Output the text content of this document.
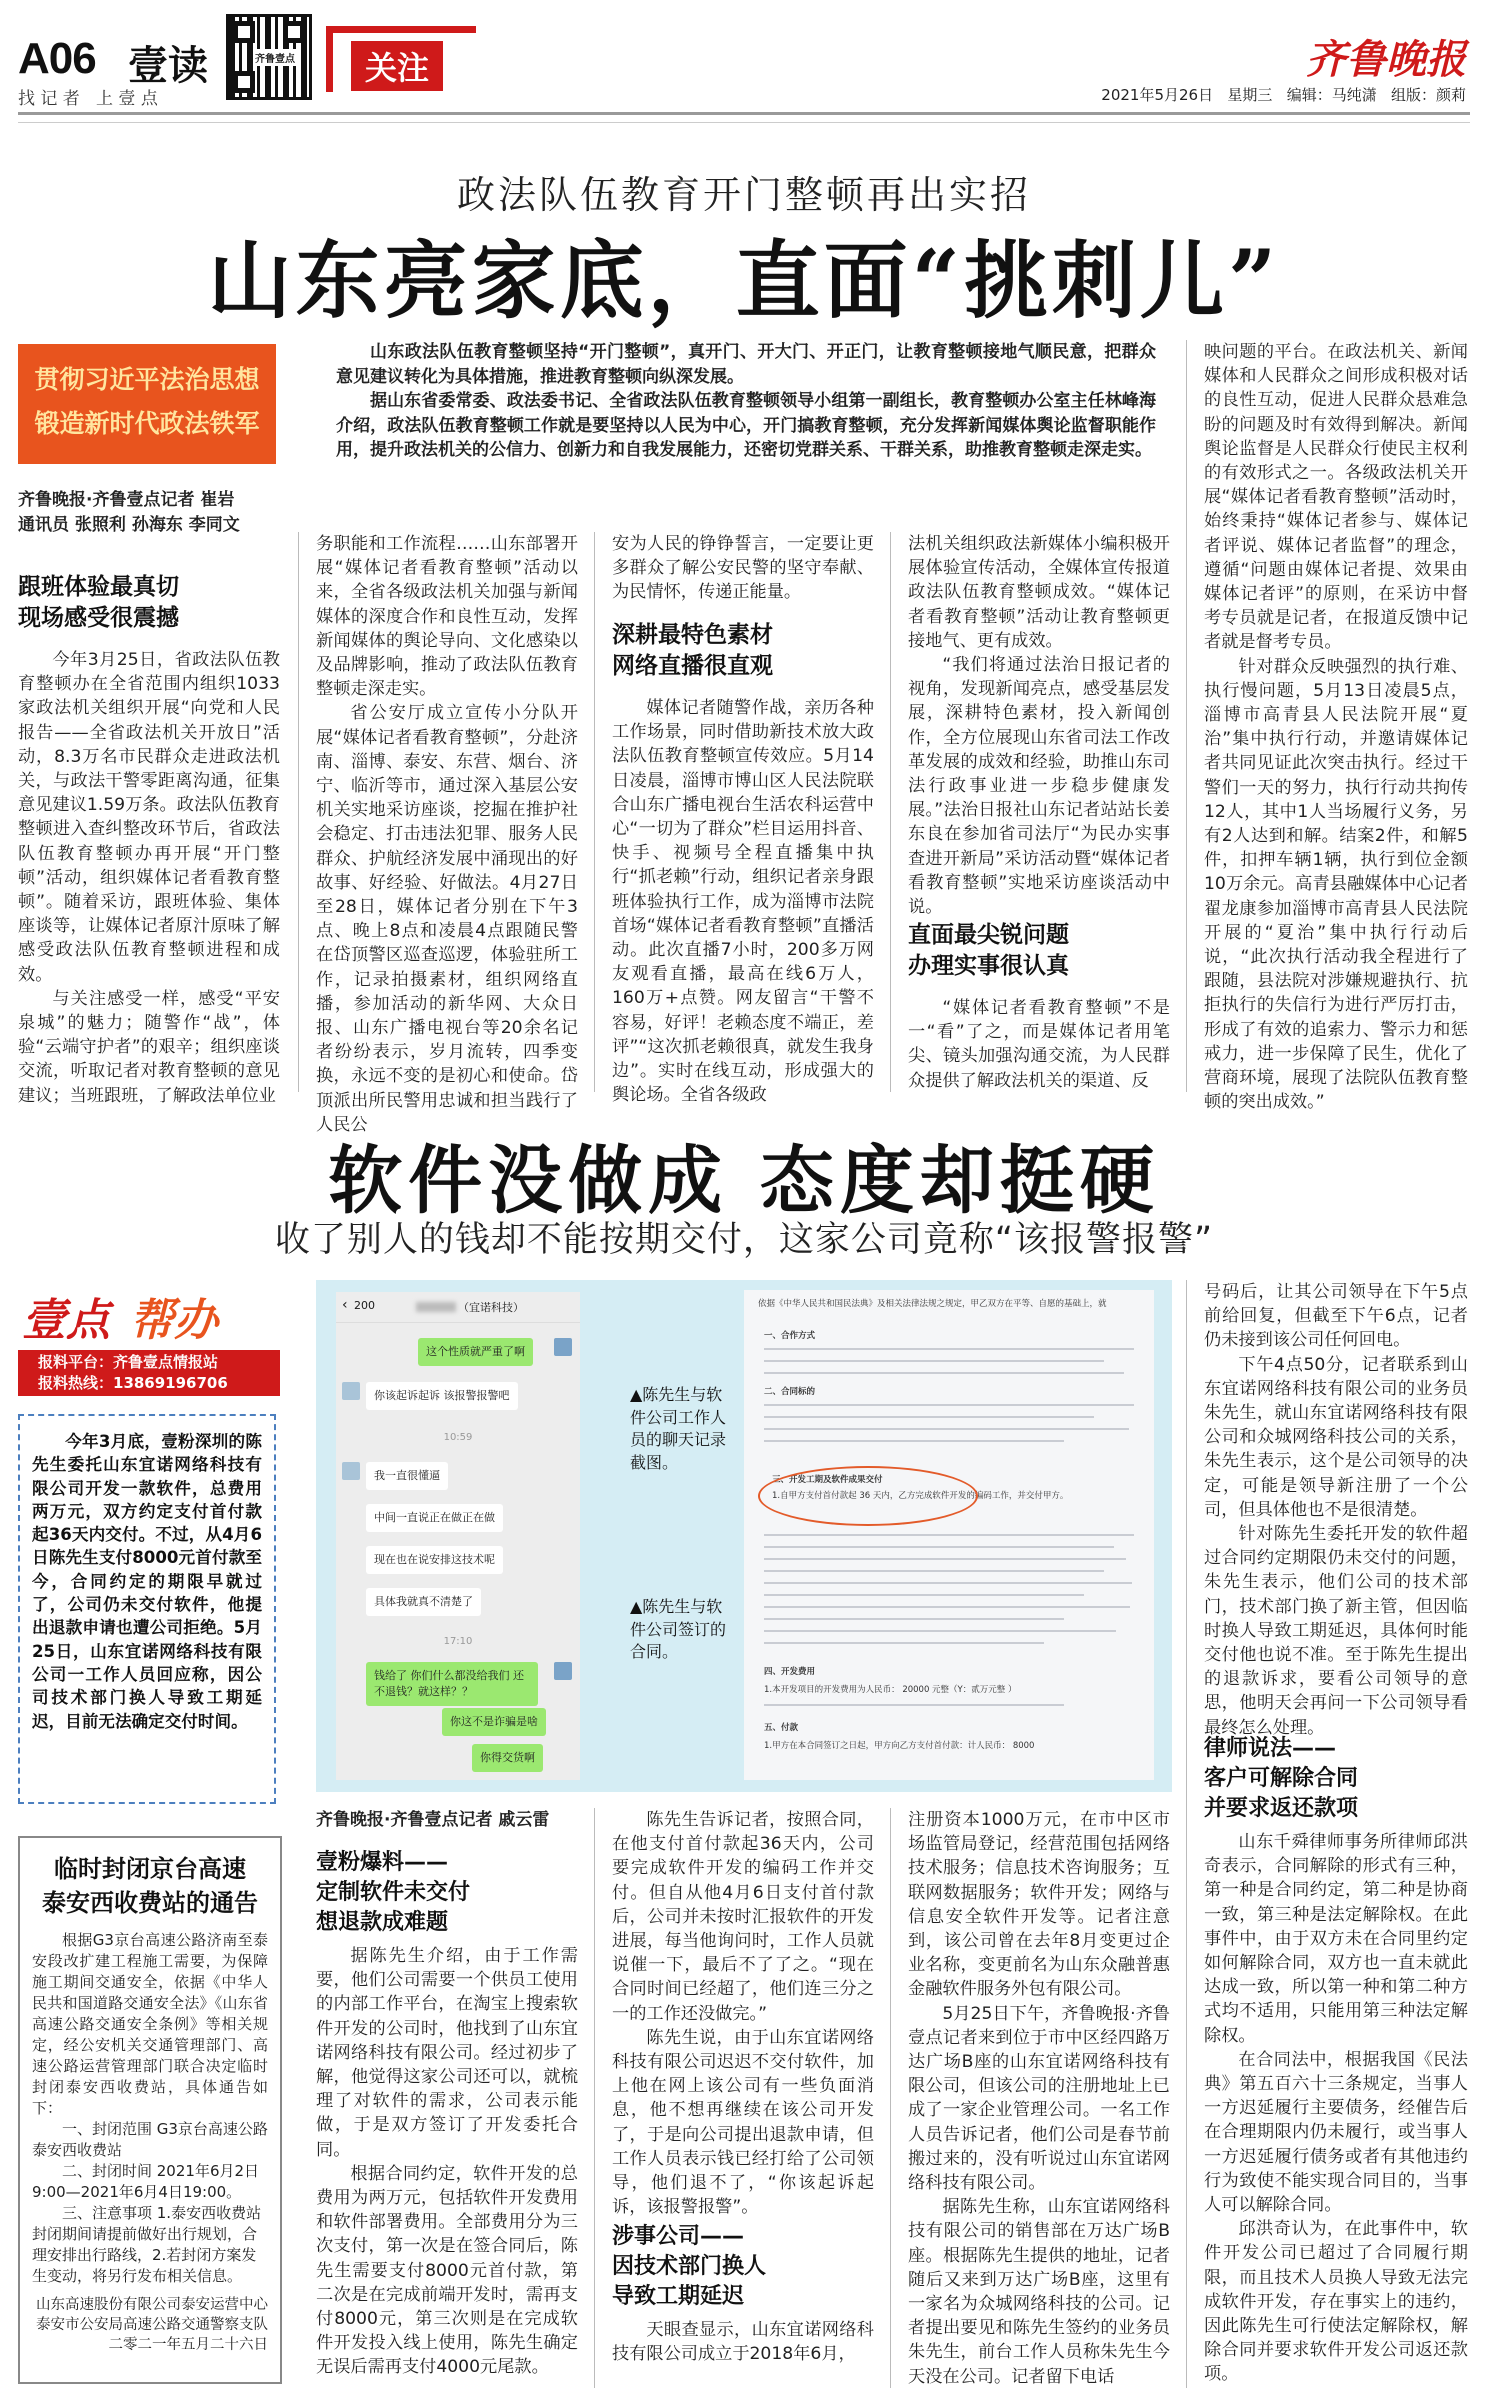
A06 壹读
找 记 者   上 壹 点
齐鲁壹点	关注	齐鲁晚报
2021年5月26日   星期三   编辑：马纯潇   组版：颜莉
政法队伍教育开门整顿再出实招
山东亮家底，直面“挑刺儿”
贯彻习近平法治思想
锻造新时代政法铁军
齐鲁晚报·齐鲁壹点记者 崔岩
通讯员 张照利 孙海东 李同文

山东政法队伍教育整顿坚持“开门整顿”，真开门、开大门、开正门，让教育整顿接地气顺民意，把群众意见建议转化为具体措施，推进教育整顿向纵深发展。

据山东省委常委、政法委书记、全省政法队伍教育整顿领导小组第一副组长，教育整顿办公室主任林峰海介绍，政法队伍教育整顿工作就是要坚持以人民为中心，开门搞教育整顿，充分发挥新闻媒体舆论监督职能作用，提升政法机关的公信力、创新力和自我发展能力，还密切党群关系、干群关系，助推教育整顿走深走实。

跟班体验最真切
现场感受很震撼

今年3月25日，省政法队伍教育整顿办在全省范围内组织1033家政法机关组织开展“向党和人民报告——全省政法机关开放日”活动，8.3万名市民群众走进政法机关，与政法干警零距离沟通，征集意见建议1.59万条。政法队伍教育整顿进入查纠整改环节后，省政法队伍教育整顿办再开展“开门整顿”活动，组织媒体记者看教育整顿”。随着采访，跟班体验、集体座谈等，让媒体记者原汁原味了解感受政法队伍教育整顿进程和成效。

与关注感受一样，感受“平安泉城”的魅力；随警作“战”，体验“云端守护者”的艰辛；组织座谈交流，听取记者对教育整顿的意见建议；当班跟班，了解政法单位业

务职能和工作流程……山东部署开展“媒体记者看教育整顿”活动以来，全省各级政法机关加强与新闻媒体的深度合作和良性互动，发挥新闻媒体的舆论导向、文化感染以及品牌影响，推动了政法队伍教育整顿走深走实。

省公安厅成立宣传小分队开展“媒体记者看教育整顿”，分赴济南、淄博、泰安、东营、烟台、济宁、临沂等市，通过深入基层公安机关实地采访座谈，挖掘在推护社会稳定、打击违法犯罪、服务人民群众、护航经济发展中涌现出的好故事、好经验、好做法。4月27日至28日，媒体记者分别在下午3点、晚上8点和凌晨4点跟随民警在岱顶警区巡查巡逻，体验驻所工作，记录拍摄素材，组织网络直播，参加活动的新华网、大众日报、山东广播电视台等20余名记者纷纷表示，岁月流转，四季变换，永远不变的是初心和使命。岱顶派出所民警用忠诚和担当践行了人民公

安为人民的铮铮誓言，一定要让更多群众了解公安民警的坚守奉献、为民情怀，传递正能量。

深耕最特色素材
网络直播很直观

媒体记者随警作战，亲历各种工作场景，同时借助新技术放大政法队伍教育整顿宣传效应。5月14日凌晨，淄博市博山区人民法院联合山东广播电视台生活农科运营中心“一切为了群众”栏目运用抖音、快手、视频号全程直播集中执行“抓老赖”行动，组织记者亲身跟班体验执行工作，成为淄博市法院首场“媒体记者看教育整顿”直播活动。此次直播7小时，200多万网友观看直播，最高在线6万人，160万+点赞。网友留言“干警不容易，好评！老赖态度不端正，差评”“这次抓老赖很真，就发生我身边”。实时在线互动，形成强大的舆论场。全省各级政

法机关组织政法新媒体小编积极开展体验宣传活动，全媒体宣传报道政法队伍教育整顿成效。“媒体记者看教育整顿”活动让教育整顿更接地气、更有成效。

“我们将通过法治日报记者的视角，发现新闻亮点，感受基层发展，深耕特色素材，投入新闻创作，全方位展现山东省司法工作改革发展的成效和经验，助推山东司法行政事业进一步稳步健康发展。”法治日报社山东记者站站长姜东良在参加省司法厅“为民办实事查进开新局”采访活动暨“媒体记者看教育整顿”实地采访座谈活动中说。

直面最尖锐问题
办理实事很认真

“媒体记者看教育整顿”不是一“看”了之，而是媒体记者用笔尖、镜头加强沟通交流，为人民群众提供了解政法机关的渠道、反

映问题的平台。在政法机关、新闻媒体和人民群众之间形成积极对话的良性互动，促进人民群众悬难急盼的问题及时有效得到解决。新闻舆论监督是人民群众行使民主权利的有效形式之一。各级政法机关开展“媒体记者看教育整顿”活动时，始终秉持“媒体记者参与、媒体记者评说、媒体记者监督”的理念，遵循“问题由媒体记者提、效果由媒体记者评”的原则，在采访中督考专员就是记者，在报道反馈中记者就是督考专员。

针对群众反映强烈的执行难、执行慢问题，5月13日凌晨5点，淄博市高青县人民法院开展“夏治”集中执行行动，并邀请媒体记者共同见证此次突击执行。经过干警们一天的努力，执行行动共拘传12人，其中1人当场履行义务，另有2人达到和解。结案2件，和解5件，扣押车辆1辆，执行到位金额10万余元。高青县融媒体中心记者翟龙康参加淄博市高青县人民法院开展的“夏治”集中执行行动后说，“此次执行活动我全程进行了跟随，县法院对涉嫌规避执行、抗拒执行的失信行为进行严厉打击，形成了有效的追索力、警示力和惩戒力，进一步保障了民生，优化了营商环境，展现了法院队伍教育整顿的突出成效。”

软件没做成 态度却挺硬
收了别人的钱却不能按期交付，这家公司竟称“该报警报警”
壹点 帮办
报料平台：齐鲁壹点情报站
报料热线：13869196706
今年3月底，壹粉深圳的陈先生委托山东宜诺网络科技有限公司开发一款软件，总费用两万元，双方约定支付首付款起36天内交付。不过，从4月6日陈先生支付8000元首付款至今，合同约定的期限早就过了，公司仍未交付软件，他提出退款申请也遭公司拒绝。5月25日，山东宜诺网络科技有限公司一工作人员回应称，因公司技术部门换人导致工期延迟，目前无法确定交付时间。
‹ 200	（宜诺科技）
这个性质就严重了啊
你该起诉起诉 该报警报警吧
10:59
我一直很懂逼
中间一直说正在做正在做
现在也在说安排这技术呢
具体我就真不清楚了
17:10
钱给了 你们什么都没给我们 还不退钱？就这样？？
你这不是诈骗是啥
你得交货啊
▲陈先生与软件公司工作人员的聊天记录截图。
▲陈先生与软件公司签订的合同。
依据《中华人民共和国民法典》及相关法律法规之规定，甲乙双方在平等、自愿的基础上，就
一、合作方式
二、合同标的
三、开发工期及软件成果交付
1.自甲方支付首付款起 36 天内，乙方完成软件开发的编码工作，并交付甲方。
四、开发费用
1.本开发项目的开发费用为人民币： 20000 元整（Y：贰万元整 ）
五、付款
1.甲方在本合同签订之日起，甲方向乙方支付首付款：计人民币： 8000
齐鲁晚报·齐鲁壹点记者 戚云雷
壹粉爆料——
定制软件未交付
想退款成难题

据陈先生介绍，由于工作需要，他们公司需要一个供员工使用的内部工作平台，在淘宝上搜索软件开发的公司时，他找到了山东宜诺网络科技有限公司。经过初步了解，他觉得这家公司还可以，就梳理了对软件的需求，公司表示能做，于是双方签订了开发委托合同。

根据合同约定，软件开发的总费用为两万元，包括软件开发费用和软件部署费用。全部费用分为三次支付，第一次是在签合同后，陈先生需要支付8000元首付款，第二次是在完成前端开发时，需再支付8000元，第三次则是在完成软件开发投入线上使用，陈先生确定无误后需再支付4000元尾款。

陈先生告诉记者，按照合同，在他支付首付款起36天内，公司要完成软件开发的编码工作并交付。但自从他4月6日支付首付款后，公司并未按时汇报软件的开发进展，每当他询问时，工作人员就说催一下，最后不了了之。“现在合同时间已经超了，他们连三分之一的工作还没做完。”

陈先生说，由于山东宜诺网络科技有限公司迟迟不交付软件，加上他在网上该公司有一些负面消息，他不想再继续在该公司开发了，于是向公司提出退款申请，但工作人员表示钱已经打给了公司领导，他们退不了，“你该起诉起诉，该报警报警”。

涉事公司——
因技术部门换人
导致工期延迟

天眼查显示，山东宜诺网络科技有限公司成立于2018年6月，

注册资本1000万元，在市中区市场监管局登记，经营范围包括网络技术服务；信息技术咨询服务；互联网数据服务；软件开发；网络与信息安全软件开发等。记者注意到，该公司曾在去年8月变更过企业名称，变更前名为山东众融普惠金融软件服务外包有限公司。

5月25日下午，齐鲁晚报·齐鲁壹点记者来到位于市中区经四路万达广场B座的山东宜诺网络科技有限公司，但该公司的注册地址上已成了一家企业管理公司。一名工作人员告诉记者，他们公司是春节前搬过来的，没有听说过山东宜诺网络科技有限公司。

据陈先生称，山东宜诺网络科技有限公司的销售部在万达广场B座。根据陈先生提供的地址，记者随后又来到万达广场B座，这里有一家名为众城网络科技的公司。记者提出要见和陈先生签约的业务员朱先生，前台工作人员称朱先生今天没在公司。记者留下电话

号码后，让其公司领导在下午5点前给回复，但截至下午6点，记者仍未接到该公司任何回电。

下午4点50分，记者联系到山东宜诺网络科技有限公司的业务员朱先生，就山东宜诺网络科技有限公司和众城网络科技公司的关系，朱先生表示，这个是公司领导的决定，可能是领导新注册了一个公司，但具体他也不是很清楚。

针对陈先生委托开发的软件超过合同约定期限仍未交付的问题，朱先生表示，他们公司的技术部门，技术部门换了新主管，但因临时换人导致工期延迟，具体何时能交付他也说不准。至于陈先生提出的退款诉求，要看公司领导的意思，他明天会再问一下公司领导看最终怎么处理。

律师说法——
客户可解除合同
并要求返还款项

山东千舜律师事务所律师邱洪奇表示，合同解除的形式有三种，第一种是合同约定，第二种是协商一致，第三种是法定解除权。在此事件中，由于双方未在合同里约定如何解除合同，双方也一直未就此达成一致，所以第一种和第二种方式均不适用，只能用第三种法定解除权。

在合同法中，根据我国《民法典》第五百六十三条规定，当事人一方迟延履行主要债务，经催告后在合理期限内仍未履行，或当事人一方迟延履行债务或者有其他违约行为致使不能实现合同目的，当事人可以解除合同。

邱洪奇认为，在此事件中，软件开发公司已超过了合同履行期限，而且技术人员换人导致无法完成软件开发，存在事实上的违约，因此陈先生可行使法定解除权，解除合同并要求软件开发公司返还款项。

临时封闭京台高速
泰安西收费站的通告
根据G3京台高速公路济南至泰安段改扩建工程施工需要，为保障施工期间交通安全，依据《中华人民共和国道路交通安全法》《山东省高速公路交通安全条例》等相关规定，经公安机关交通管理部门、高速公路运营管理部门联合决定临时封闭泰安西收费站，具体通告如下：
一、封闭范围 G3京台高速公路泰安西收费站
二、封闭时间 2021年6月2日9:00—2021年6月4日19:00。
三、注意事项 1.泰安西收费站封闭期间请提前做好出行规划，合理安排出行路线，2.若封闭方案发生变动，将另行发布相关信息。
山东高速股份有限公司泰安运营中心
泰安市公安局高速公路交通警察支队
二零二一年五月二十六日
